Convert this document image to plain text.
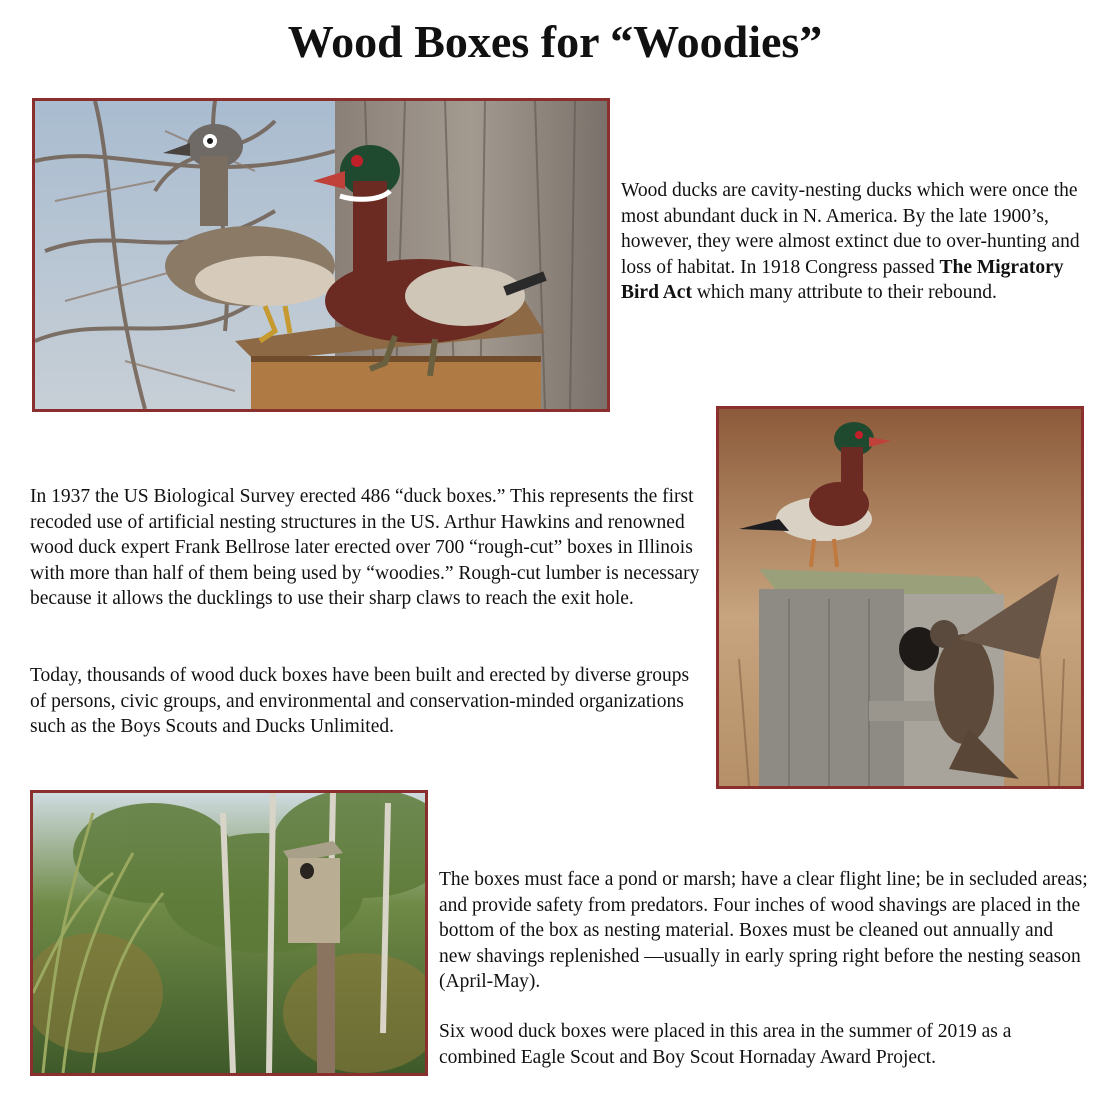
Wood Boxes for “Woodies”

Wood ducks are cavity-nesting ducks which were once the most abundant duck in N. America. By the late 1900’s, however, they were almost extinct due to over-hunting and loss of habitat. In 1918 Congress passed The Migratory Bird Act which many attribute to their rebound.

In 1937 the US Biological Survey erected 486 “duck boxes.” This represents the first recoded use of artificial nesting structures in the US. Arthur Hawkins and renowned wood duck expert Frank Bellrose later erected over 700 “rough-cut” boxes in Illinois with more than half of them being used by “woodies.” Rough-cut lumber is necessary because it allows the ducklings to use their sharp claws to reach the exit hole.

Today, thousands of wood duck boxes have been built and erected by diverse groups of persons, civic groups, and environmental and conservation-minded organizations such as the Boys Scouts and Ducks Unlimited.

The boxes must face a pond or marsh; have a clear flight line; be in secluded areas; and provide safety from predators. Four inches of wood shavings are placed in the bottom of the box as nesting material. Boxes must be cleaned out annually and new shavings replenished —usually in early spring right before the nesting season (April-May).

Six wood duck boxes were placed in this area in the summer of 2019 as a combined Eagle Scout and Boy Scout Hornaday Award Project.
